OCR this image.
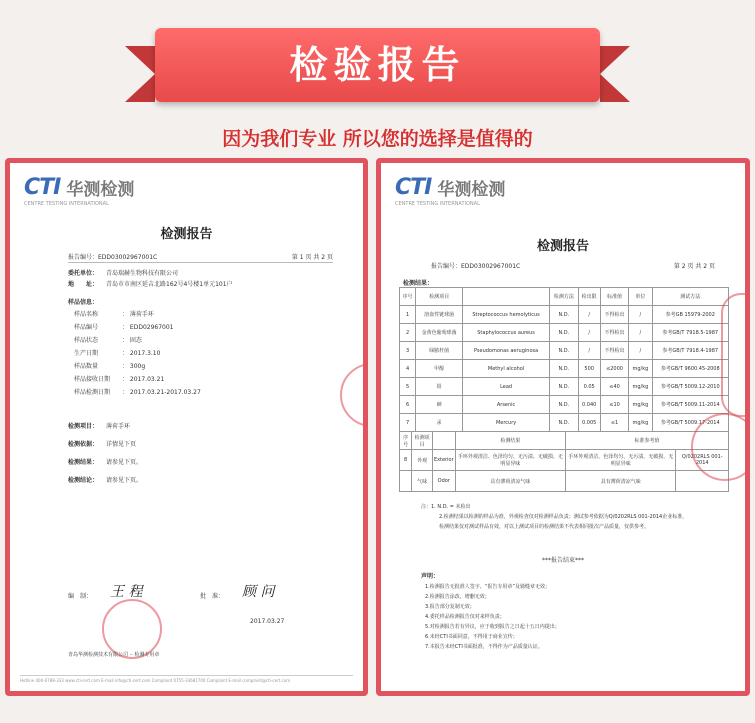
检验报告
因为我们专业 所以您的选择是值得的
CTI 华测检测
CENTRE TESTING INTERNATIONAL
检测报告
报告编号：EDD03002967001C	第 1 页 共 2 页
委托单位： 青岛瑞赫生物科技有限公司
地　　址： 青岛市市南区延吉北路162号4号楼1单元101户
样品信息：
样品名称	： 薄荷手环
样品编号	： EDD02967001
样品状态	： 固态
生产日期	： 2017.3.10
样品数量	： 300g
样品接收日期 ： 2017.03.21
样品检测日期 ： 2017.03.21-2017.03.27
检测项目： 薄荷手环
检测依据： 详情见下页
检测结果： 请参见下页。
检测结论： 请参见下页。
编　制： 王 程	批　准： 顾 问
2017.03.27
青岛华测检测技术有限公司 ·· 检测专用章
Hotline 400-6788-333 www.cti-cert.com E-mail info@cti-cert.com Complaint 0755-33681700 Complaint E-mail complaint@cti-cert.com
CTI 华测检测
CENTRE TESTING INTERNATIONAL
检测报告
报告编号：EDD03002967001C	第 2 页 共 2 页
检测结果：
序号	检测项目		检测方法	检出限	标准值	单位	测试方法
1	溶血性链球菌	Streptococcus hemolyticus	N.D.	/	不得检出	/	参考GB 15979-2002
2	金黄色葡萄球菌	Staphylococcus aureus	N.D.	/	不得检出	/	参考GB/T 7918.5-1987
3	绿脓杆菌	Pseudomonas aeruginosa	N.D.	/	不得检出	/	参考GB/T 7918.4-1987
4	甲醇	Methyl alcohol	N.D.	500	≤2000	mg/kg	参考GB/T 9600.45-2008
5	铅	Lead	N.D.	0.05	≤40	mg/kg	参考GB/T 5009.12-2010
6	砷	Arsenic	N.D.	0.040	≤10	mg/kg	参考GB/T 5009.11-2014
7	汞	Mercury	N.D.	0.005	≤1	mg/kg	参考GB/T 5009.17-2014
序号	检测项目		检测结果	标准参考值	
8	外观	Exterior	手环外观清洁、色泽均匀、无污渍、无破损、无明显异味	手环外观清洁、色泽均匀、无污渍、无破损、无明显异味	Q/0202RLS 001-2014
	气味	Odor	具有薄荷清凉气味	具有薄荷清凉气味	
注：1. N.D. = 未检出
2.检测结果以检测的样品为准，外观检查仅对检测样品负责；测试参考依据为Q/0202RLS 001-2014企业标准，
检测结果仅对测试样品有效，对以上测试项目的检测结果不代表相同批次产品质量，仅供参考。
***报告结束***
声明：
1.检测报告无批准人签字、“报告专用章”及骑缝章无效；
2.检测报告涂改、增删无效；
3.报告部分复制无效；
4.委托样品检测报告仅对来样负责；
5.对检测报告若有异议，应于收到报告之日起十五日内提出；
6.未经CTI书面同意，不得用于商业宣传；
7.本报告未经CTI书面批准，不得作为产品质量认证。
